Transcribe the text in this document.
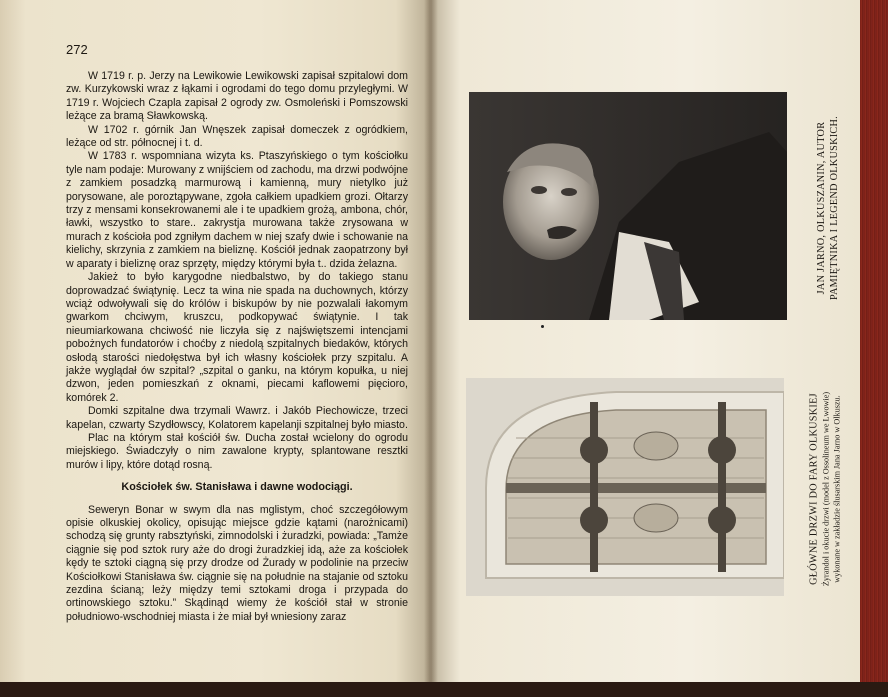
272

W 1719 r. p. Jerzy na Lewikowie Lewikowski zapisał szpitalowi dom zw. Kurzykowski wraz z łąkami i ogrodami do tego domu przyległymi. W 1719 r. Wojciech Czapla zapisał 2 ogrody zw. Osmoleński i Pomszowski leżące za bramą Sławkowską.

W 1702 r. górnik Jan Wnęszek zapisał domeczek z ogródkiem, leżące od str. północnej i t. d.

W 1783 r. wspomniana wizyta ks. Ptaszyńskiego o tym kościołku tyle nam podaje: Murowany z wnijściem od zachodu, ma drzwi podwójne z zamkiem posadzką marmurową i kamienną, mury nietylko już porysowane, ale poroztąpywane, zgoła całkiem upadkiem grozi. Ołtarzy trzy z mensami konsekrowanemi ale i te upadkiem grożą, ambona, chór, ławki, wszystko to stare.. zakrystja murowana także zrysowana w murach z kościoła pod zgniłym dachem w niej szafy dwie i schowanie na kielichy, skrzynia z zamkiem na bieliznę. Kościół jednak zaopatrzony był w aparaty i bieliznę oraz sprzęty, między którymi była t.. dzida żelazna.

Jakież to było karygodne niedbalstwo, by do takiego stanu doprowadzać świątynię. Lecz ta wina nie spada na duchownych, którzy wciąż odwoływali się do królów i biskupów by nie pozwalali łakomym gwarkom chciwym, kruszcu, podkopywać świątynie. I tak nieumiarkowana chciwość nie liczyła się z najświętszemi intencjami pobożnych fundatorów i choćby z niedolą szpitalnych biedaków, których osłodą starości niedołęstwa był ich własny kościołek przy szpitalu. A jakże wyglądał ów szpital? „szpital o ganku, na którym kopułka, u niej dzwon, jeden pomieszkań z oknami, piecami kaflowemi pięcioro, komórek 2.

Domki szpitalne dwa trzymali Wawrz. i Jakób Piechowicze, trzeci kapelan, czwarty Szydłowscy, Kolatorem kapelanji szpitalnej było miasto.

Plac na którym stał kościół św. Ducha został wcielony do ogrodu miejskiego. Świadczyły o nim zawalone krypty, splantowane resztki murów i lipy, które dotąd rosną.

Kościołek św. Stanisława i dawne wodociągi.

Seweryn Bonar w swym dla nas mglistym, choć szczegółowym opisie olkuskiej okolicy, opisując miejsce gdzie kątami (narożnicami) schodzą się grunty rabsztyński, zimnodolski i żuradzki, powiada: „Tamże ciągnie się pod sztok rury aże do drogi żuradzkiej idą, aże za kościołek kędy te sztoki ciągną się przy drodze od Żurady w podolinie na przeciw Kościołkowi Stanisława św. ciągnie się na południe na stajanie od sztoku zezdina ścianą; leży między temi sztokami droga i przypada do ortinowskiego sztoku.” Skądinąd wiemy że kościół stał w stronie południowo-wschodniej miasta i że miał był wniesiony zaraz

JAN JARNO, OLKUSZANIN, AUTOR PAMIĘTNIKA I LEGEND OLKUSKICH.
GŁÓWNE DRZWI DO FARY OLKUSKIEJ Żyrandol i okucie drzwi (model z Ossolineum we Lwowie) wykonane w zakładzie ślusarskim Jana Jarno w Olkuszu.
